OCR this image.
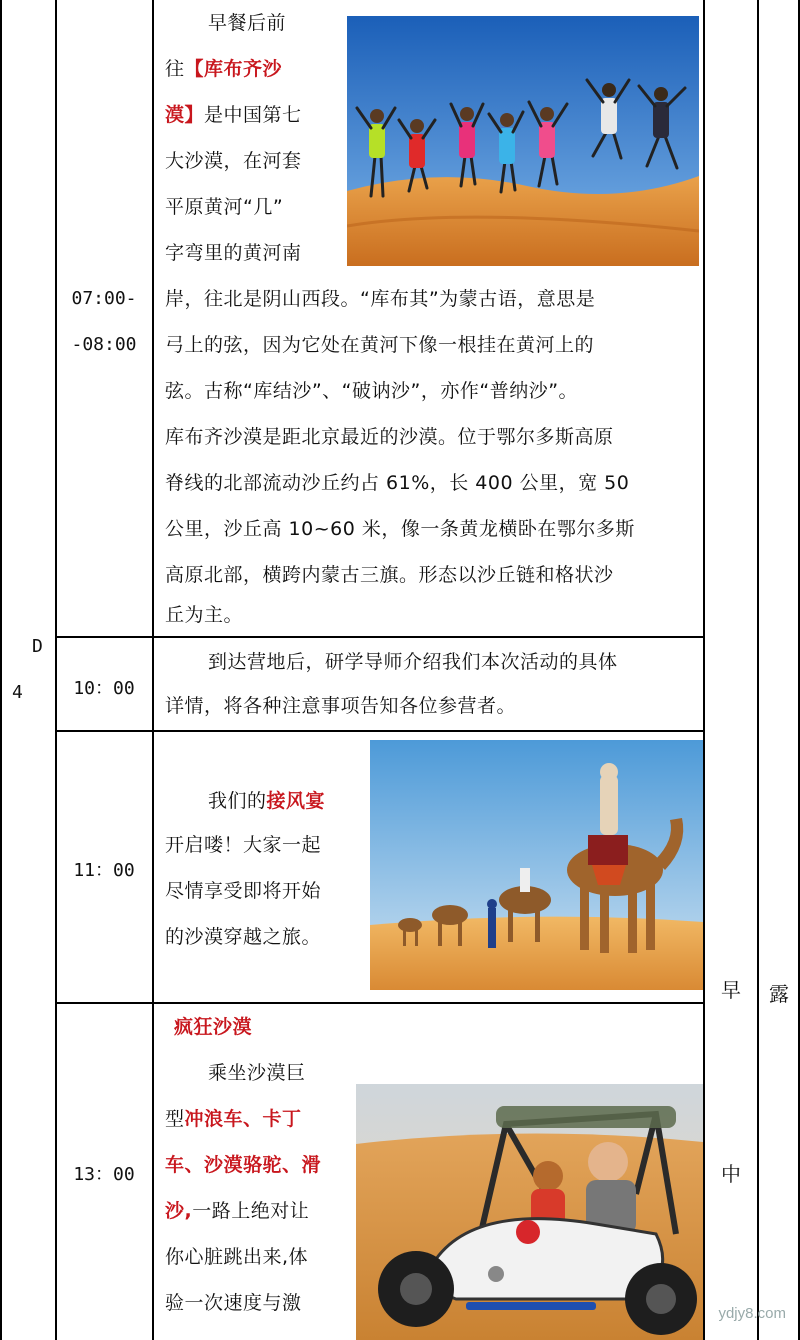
D
4
早
中
露
07:00-
-08:00
早餐后前
往【库布齐沙
漠】是中国第七
大沙漠，在河套
平原黄河“几”
字弯里的黄河南
岸，往北是阴山西段。“库布其”为蒙古语，意思是
弓上的弦，因为它处在黄河下像一根挂在黄河上的
弦。古称“库结沙”、“破讷沙”，亦作“普纳沙”。
库布齐沙漠是距北京最近的沙漠。位于鄂尔多斯高原
脊线的北部流动沙丘约占 61%，长 400 公里，宽 50
公里，沙丘高 10~60 米，像一条黄龙横卧在鄂尔多斯
高原北部，横跨内蒙古三旗。形态以沙丘链和格状沙
丘为主。
10：00
到达营地后，研学导师介绍我们本次活动的具体
详情，将各种注意事项告知各位参营者。
11：00
我们的接风宴
开启喽！大家一起
尽情享受即将开始
的沙漠穿越之旅。
13：00
疯狂沙漠
乘坐沙漠巨
型冲浪车、卡丁
车、沙漠骆驼、滑
沙,一路上绝对让
你心脏跳出来,体
验一次速度与激	ydjy8.com
